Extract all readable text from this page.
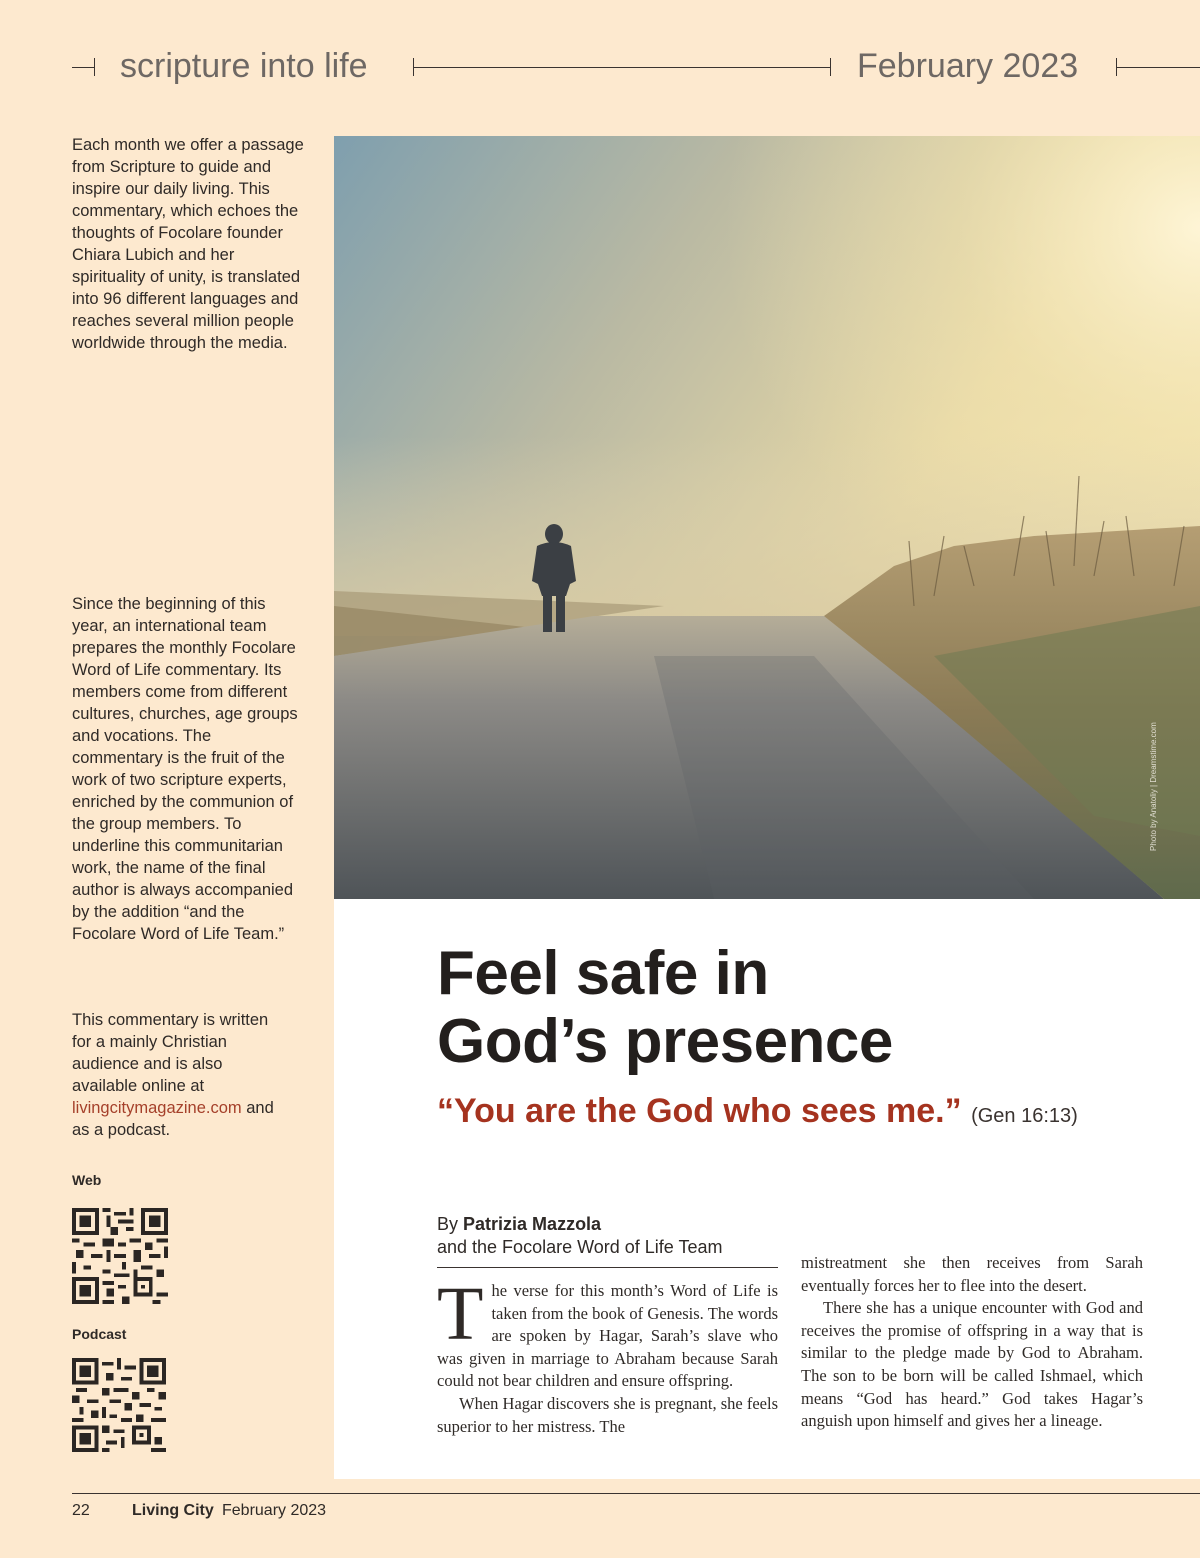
scripture into life	February 2023

Each month we offer a passage from Scripture to guide and inspire our daily living. This commentary, which echoes the thoughts of Focolare founder Chiara Lubich and her spirituality of unity, is translated into 96 different languages and reaches several million people worldwide through the media.

Since the beginning of this year, an international team prepares the monthly Focolare Word of Life commentary. Its members come from different cultures, churches, age groups and vocations. The commentary is the fruit of the work of two scripture experts, enriched by the communion of the group members. To underline this communitarian work, the name of the final author is always accompanied by the addition “and the Focolare Word of Life Team.”

This commentary is written for a mainly Christian audience and is also available online at livingcitymagazine.com and as a podcast.

Web
Podcast
Photo by Anatoliy | Dreamstime.com
Feel safe in
God’s presence
“You are the God who sees me.” (Gen 16:13)
By Patrizia Mazzola
and the Focolare Word of Life Team

The verse for this month’s Word of Life is taken from the book of Genesis. The words are spoken by Hagar, Sarah’s slave who was given in marriage to Abraham because Sarah could not bear children and ensure offspring.

When Hagar discovers she is pregnant, she feels superior to her mistress. The

mistreatment she then receives from Sarah eventually forces her to flee into the desert.

There she has a unique encounter with God and receives the promise of offspring in a way that is similar to the pledge made by God to Abraham. The son to be born will be called Ishmael, which means “God has heard.” God takes Hagar’s anguish upon himself and gives her a lineage.

22	Living City February 2023
